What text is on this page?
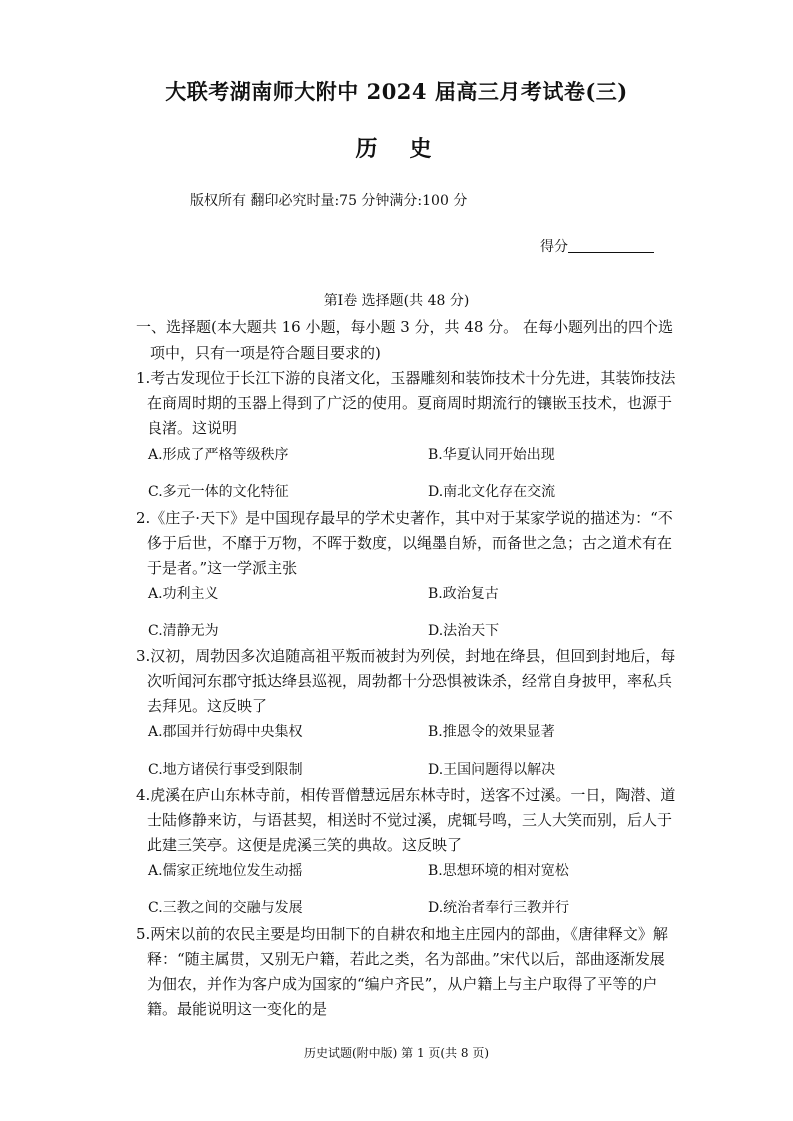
大联考湖南师大附中 2024 届高三月考试卷(三)
历 史
版权所有 翻印必究时量:75 分钟满分:100 分
得分
第Ⅰ卷 选择题(共 48 分)
一、选择题(本大题共 16 小题，每小题 3 分，共 48 分。 在每小题列出的四个选项中，只有一项是符合题目要求的)
1.考古发现位于长江下游的良渚文化，玉器雕刻和装饰技术十分先进，其装饰技法在商周时期的玉器上得到了广泛的使用。夏商周时期流行的镶嵌玉技术，也源于良渚。这说明
A.形成了严格等级秩序	B.华夏认同开始出现
C.多元一体的文化特征	D.南北文化存在交流
2.《庄子·天下》是中国现存最早的学术史著作，其中对于某家学说的描述为：“不侈于后世，不靡于万物，不晖于数度，以绳墨自矫，而备世之急；古之道术有在于是者。”这一学派主张
A.功利主义	B.政治复古
C.清静无为	D.法治天下
3.汉初，周勃因多次追随高祖平叛而被封为列侯，封地在绛县，但回到封地后，每次听闻河东郡守抵达绛县巡视，周勃都十分恐惧被诛杀，经常自身披甲，率私兵去拜见。这反映了
A.郡国并行妨碍中央集权	B.推恩令的效果显著
C.地方诸侯行事受到限制	D.王国问题得以解决
4.虎溪在庐山东林寺前，相传晋僧慧远居东林寺时，送客不过溪。一日，陶潜、道士陆修静来访，与语甚契，相送时不觉过溪，虎辄号鸣，三人大笑而别，后人于此建三笑亭。这便是虎溪三笑的典故。这反映了
A.儒家正统地位发生动摇	B.思想环境的相对宽松
C.三教之间的交融与发展	D.统治者奉行三教并行
5.两宋以前的农民主要是均田制下的自耕农和地主庄园内的部曲，《唐律释文》解释：“随主属贯，又别无户籍，若此之类，名为部曲。”宋代以后，部曲逐渐发展为佃农，并作为客户成为国家的“编户齐民”，从户籍上与主户取得了平等的户籍。最能说明这一变化的是
历史试题(附中版) 第 1 页(共 8 页)
